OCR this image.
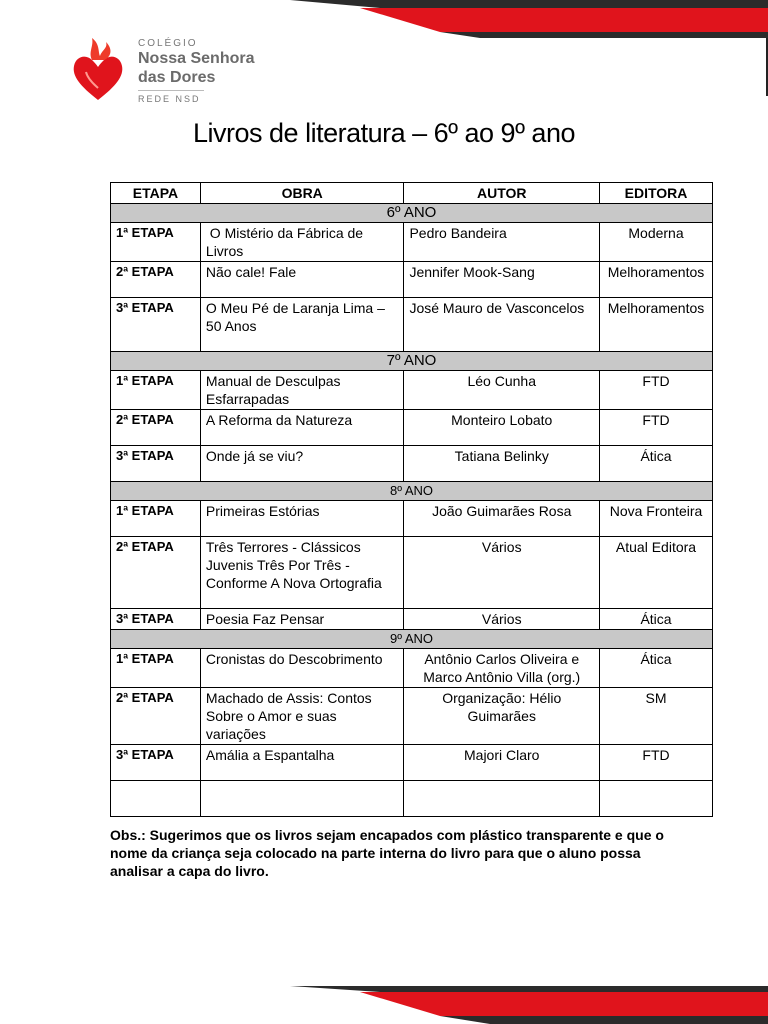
COLÉGIO
Nossa Senhora
das Dores
REDE NSD
Livros de literatura – 6º ao 9º ano
ETAPA	OBRA	AUTOR	EDITORA
6º ANO			
1ª ETAPA	O Mistério da Fábrica de Livros	Pedro Bandeira	Moderna
2ª ETAPA	Não cale! Fale	Jennifer Mook-Sang	Melhoramentos
3ª ETAPA	O Meu Pé de Laranja Lima – 50 Anos	José Mauro de Vasconcelos	Melhoramentos
7º ANO			
1ª ETAPA	Manual de Desculpas Esfarrapadas	Léo Cunha	FTD
2ª ETAPA	A Reforma da Natureza	Monteiro Lobato	FTD
3ª ETAPA	Onde já se viu?	Tatiana Belinky	Ática
8º ANO			
1ª ETAPA	Primeiras Estórias	João Guimarães Rosa	Nova Fronteira
2ª ETAPA	Três Terrores - Clássicos Juvenis Três Por Três - Conforme A Nova Ortografia	Vários	Atual Editora
3ª ETAPA	Poesia Faz Pensar	Vários	Ática
9º ANO			
1ª ETAPA	Cronistas do Descobrimento	Antônio Carlos Oliveira e Marco Antônio Villa (org.)	Ática
2ª ETAPA	Machado de Assis: Contos Sobre o Amor e suas variações	Organização: Hélio Guimarães	SM
3ª ETAPA	Amália a Espantalha	Majori Claro	FTD

Obs.: Sugerimos que os livros sejam encapados com plástico transparente e que o nome da criança seja colocado na parte interna do livro para que o aluno possa analisar a capa do livro.
